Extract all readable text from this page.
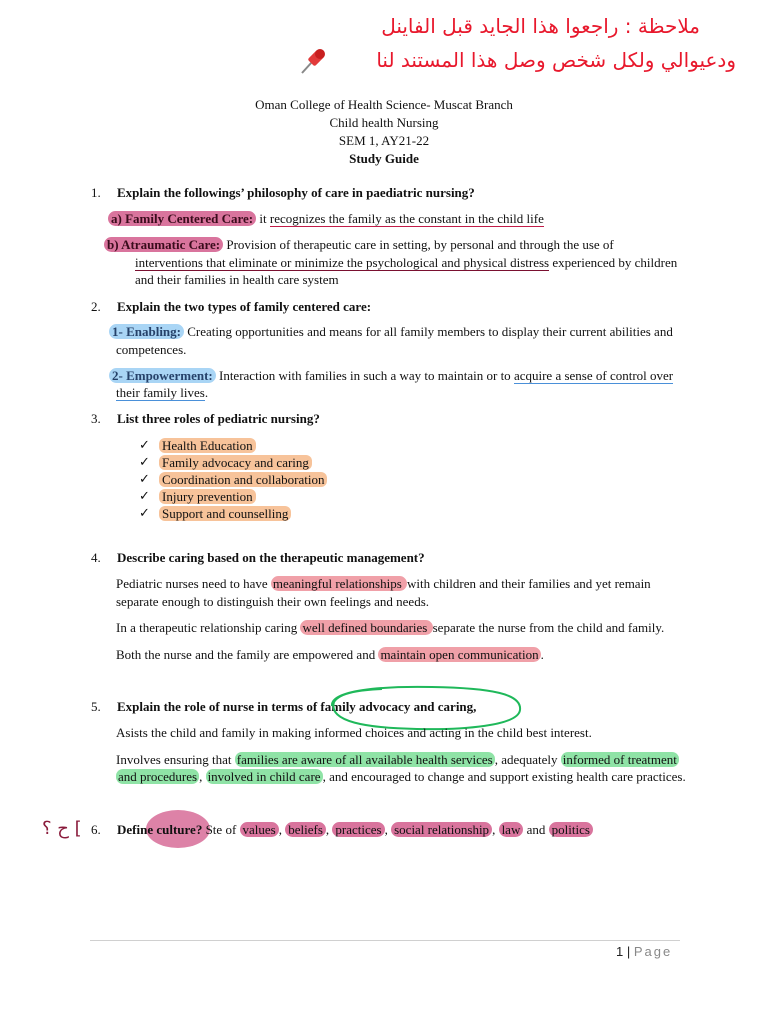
ملاحظة : راجعوا هذا الجايد قبل الفاينل
ودعيوالي ولكل شخص وصل هذا المستند لنا
Oman College of Health Science- Muscat Branch
Child health Nursing
SEM 1, AY21-22
Study Guide
1. Explain the followings’ philosophy of care in paediatric nursing?
a) Family Centered Care: it recognizes the family as the constant in the child life
b) Atraumatic Care: Provision of therapeutic care in setting, by personal and through the use of
interventions that eliminate or minimize the psychological and physical distress experienced by children
and their families in health care system
2. Explain the two types of family centered care:
1- Enabling: Creating opportunities and means for all family members to display their current abilities and
competences.
2- Empowerment: Interaction with families in such a way to maintain or to acquire a sense of control over
their family lives.
3. List three roles of pediatric nursing?
✓ Health Education
✓ Family advocacy and caring
✓ Coordination and collaboration
✓ Injury prevention
✓ Support and counselling
4. Describe caring based on the therapeutic management?
Pediatric nurses need to have meaningful relationships with children and their families and yet remain
separate enough to distinguish their own feelings and needs.
In a therapeutic relationship caring well defined boundaries separate the nurse from the child and family.
Both the nurse and the family are empowered and maintain open communication .
5. Explain the role of nurse in terms of family advocacy and caring,
Asists the child and family in making informed choices and acting in the child best interest.
Involves ensuring that families are aware of all available health services , adequately informed of treatment
and procedures , involved in child care , and encouraged to change and support existing health care practices.
ح ؟ [ 6. Define culture? Ste of values , beliefs , practices , social relationship , law and politics
1 | Page
